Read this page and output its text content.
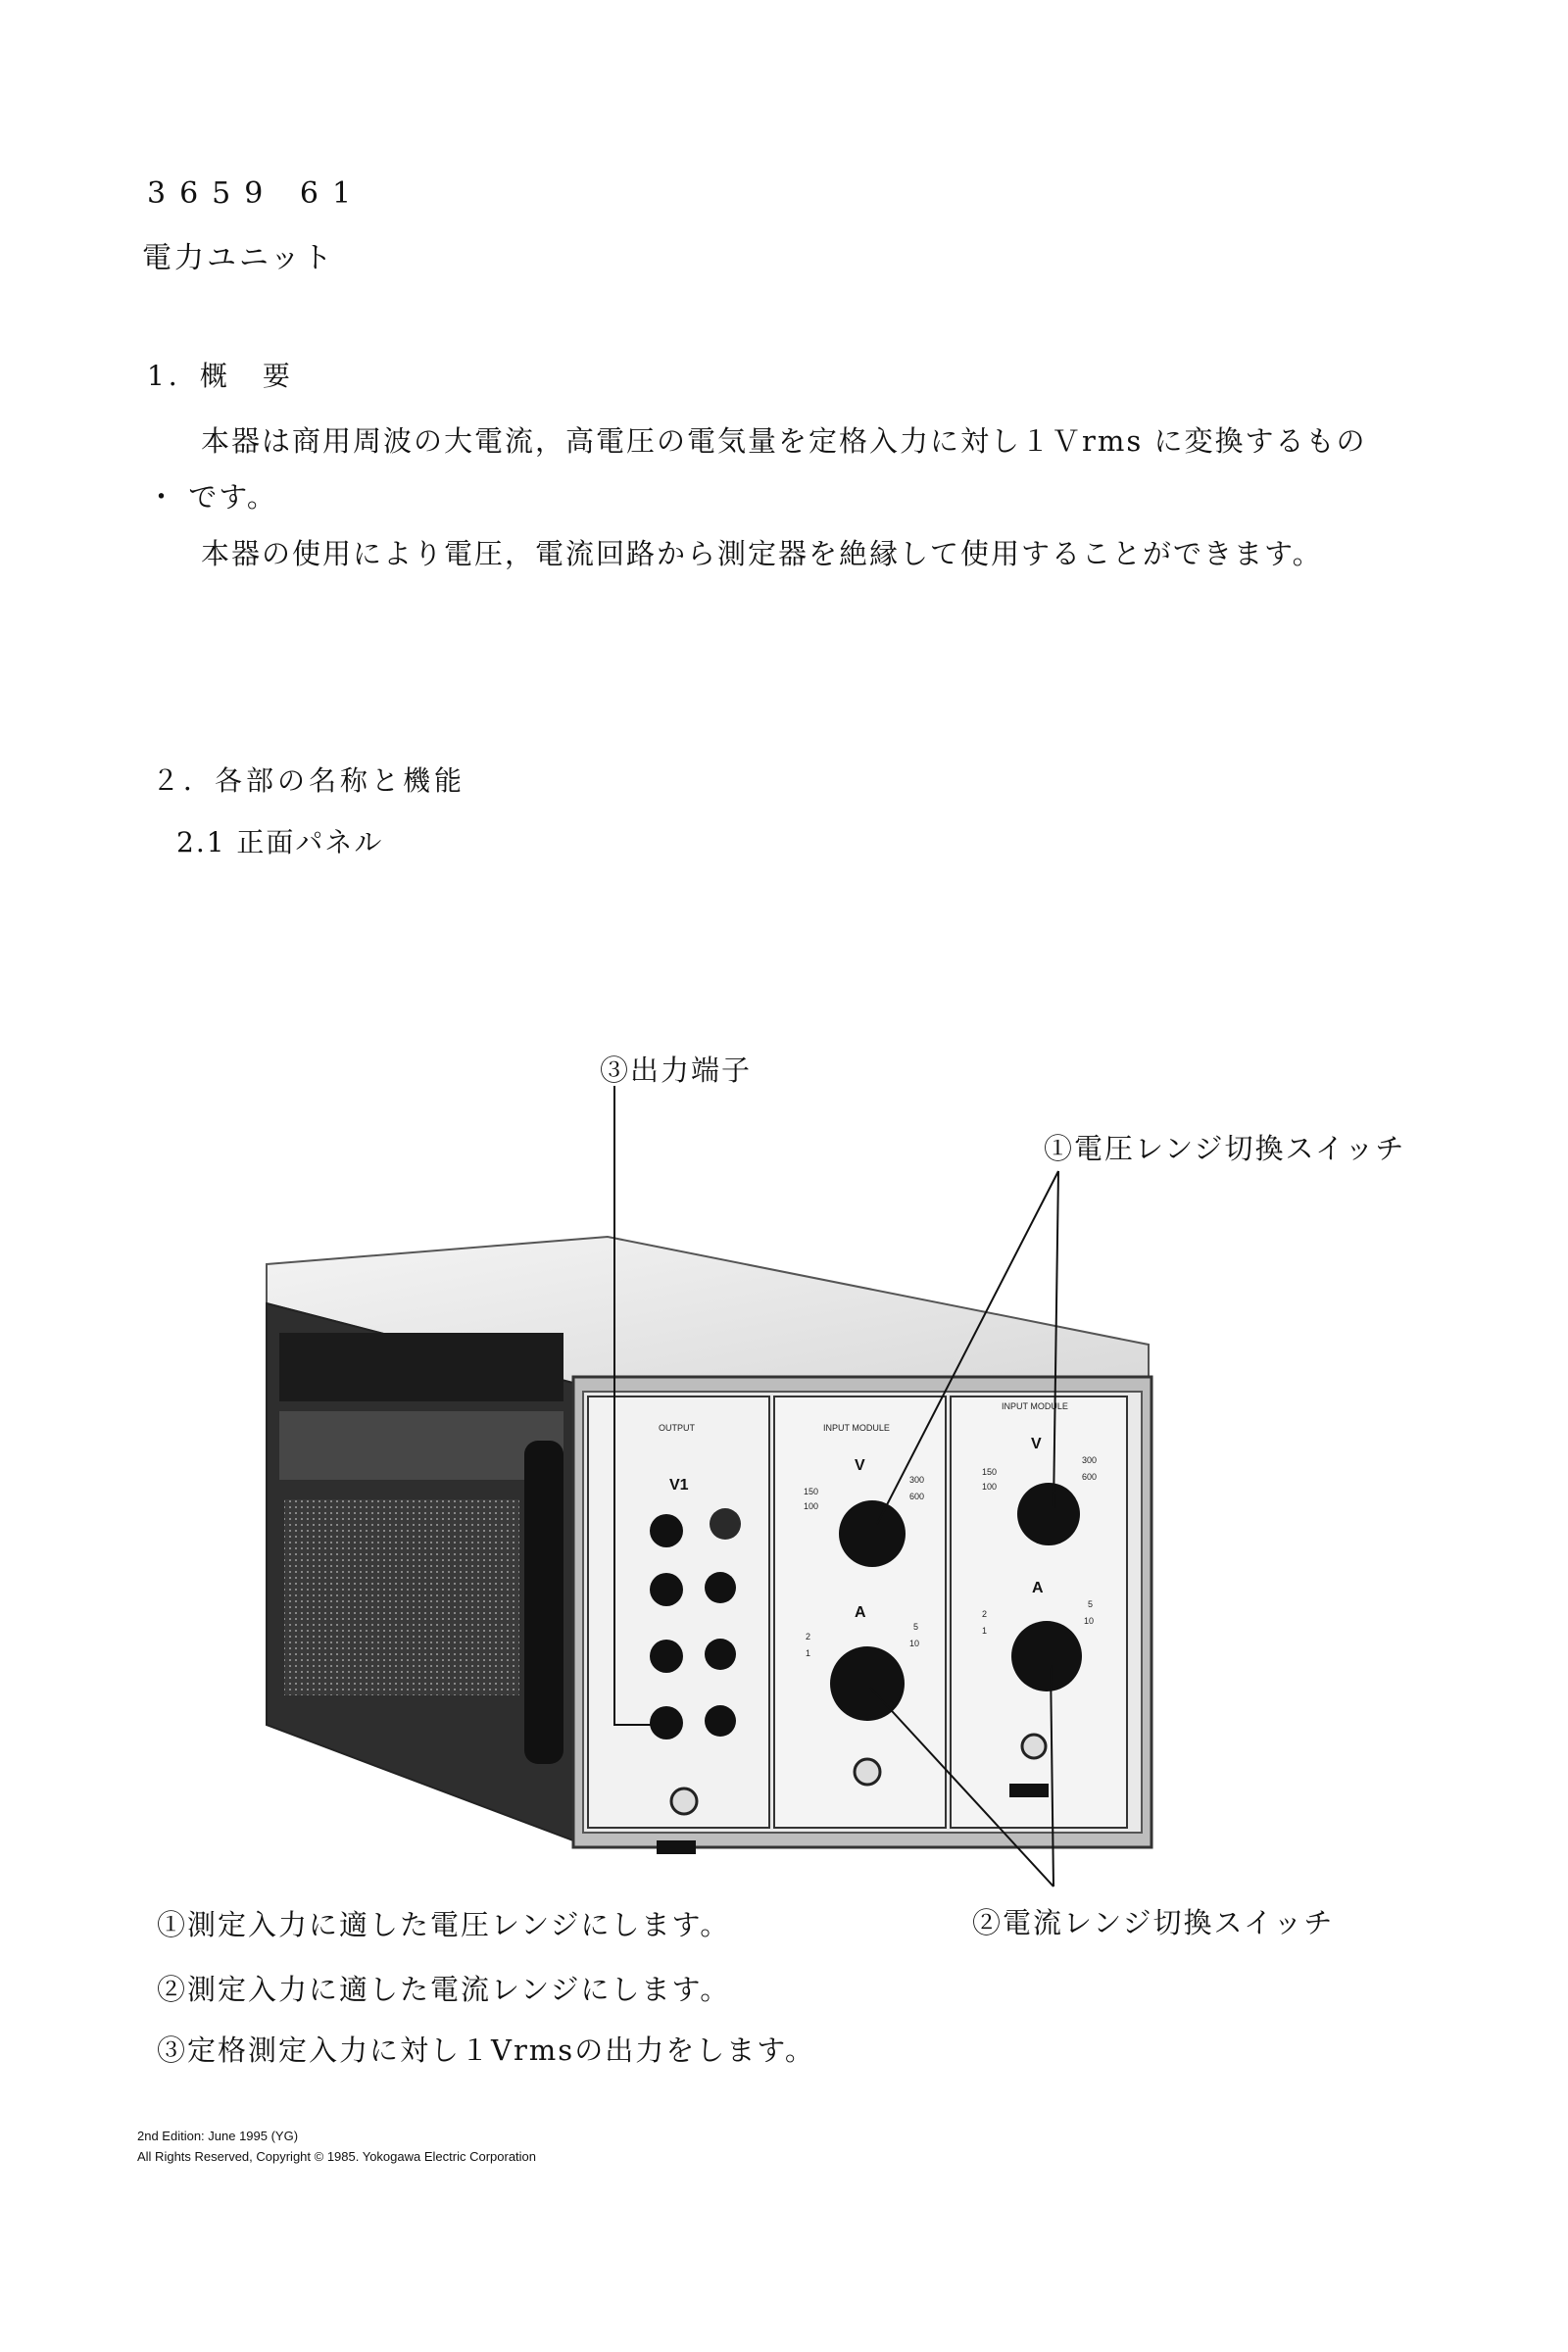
3659 61
電力ユニット
1．概　要
本器は商用周波の大電流，高電圧の電気量を定格入力に対し１Ｖrms に変換するもの
・ です。
本器の使用により電圧，電流回路から測定器を絶縁して使用することができます。
２．各部の名称と機能
2.1 正面パネル
OUTPUT
V1
INPUT MODULE
V
150
100
300
600
A
2
1
5
10
INPUT MODULE
V
150
100
300
600
A
2
1
5
10
③出力端子
①電圧レンジ切換スイッチ
②電流レンジ切換スイッチ
①測定入力に適した電圧レンジにします。
②測定入力に適した電流レンジにします。
③定格測定入力に対し１Vrmsの出力をします。
2nd Edition: June 1995 (YG)
All Rights Reserved, Copyright © 1985. Yokogawa Electric Corporation
